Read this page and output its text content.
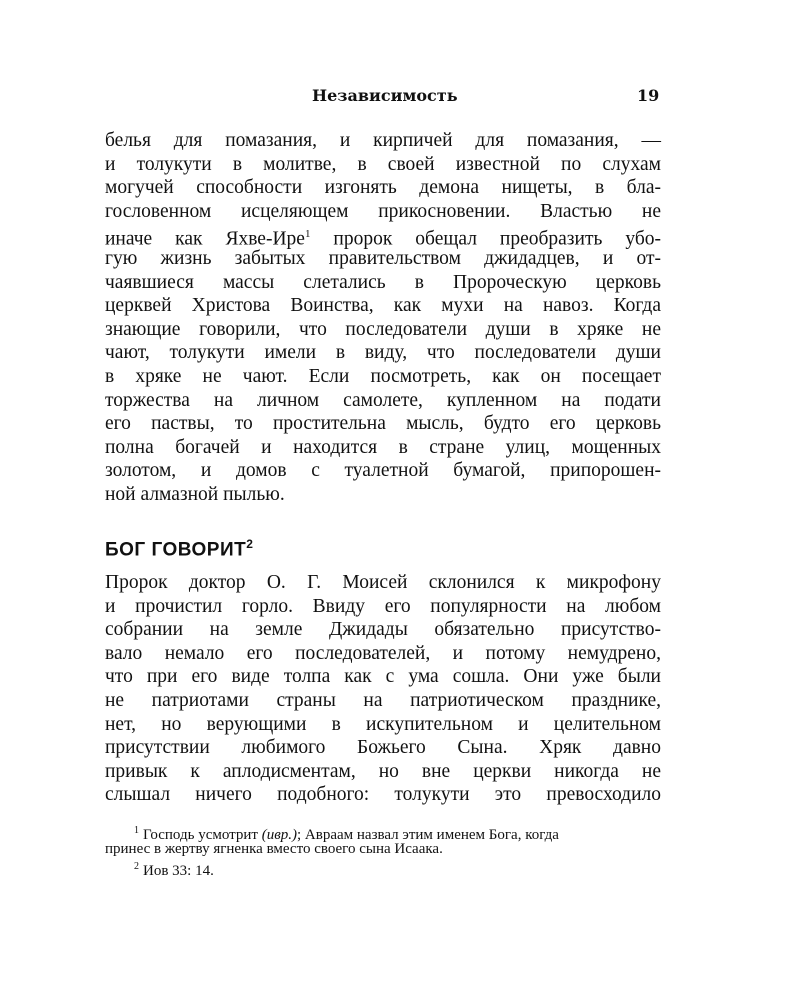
Независимость	19
белья для помазания, и кирпичей для помазания, —
и толукути в молитве, в своей известной по слухам
могучей способности изгонять демона нищеты, в бла-
гословенном исцеляющем прикосновении. Властью не
иначе как Яхве-Ире$^1$ пророк обещал преобразить убо-
гую жизнь забытых правительством джидадцев, и от-
чаявшиеся массы слетались в Пророческую церковь
церквей Христова Воинства, как мухи на навоз. Когда
знающие говорили, что последователи души в хряке не
чают, толукути имели в виду, что последователи души
в хряке не чают. Если посмотреть, как он посещает
торжества на личном самолете, купленном на подати
его паствы, то простительна мысль, будто его церковь
полна богачей и находится в стране улиц, мощенных
золотом, и домов с туалетной бумагой, припорошен-
ной алмазной пылью.
БОГ ГОВОРИТ$^2$
Пророк доктор О. Г. Моисей склонился к микрофону
и прочистил горло. Ввиду его популярности на любом
собрании на земле Джидады обязательно присутство-
вало немало его последователей, и потому немудрено,
что при его виде толпа как с ума сошла. Они уже были
не патриотами страны на патриотическом празднике,
нет, но верующими в искупительном и целительном
присутствии любимого Божьего Сына. Хряк давно
привык к аплодисментам, но вне церкви никогда не
слышал ничего подобного: толукути это превосходило
$^1$ Господь усмотрит (ивр.); Авраам назвал этим именем Бога, когда
принес в жертву ягненка вместо своего сына Исаака.
$^2$ Иов 33: 14.
